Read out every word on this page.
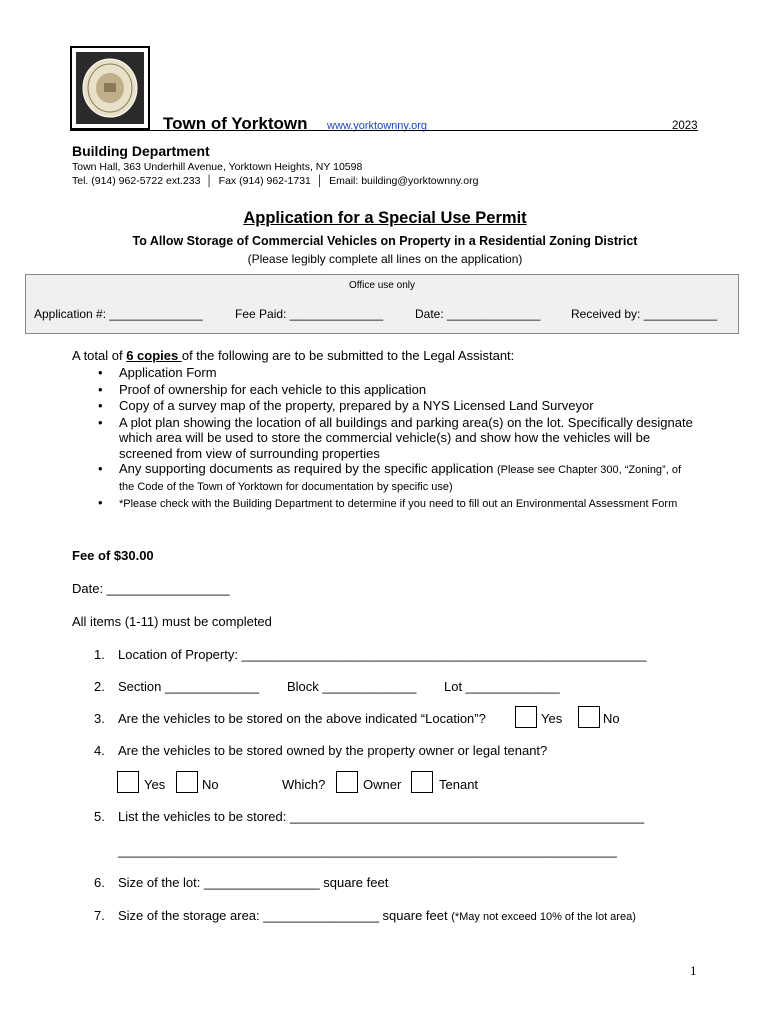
Town of Yorktown www.yorktownny.org	2023
Building Department
Town Hall, 363 Underhill Avenue, Yorktown Heights, NY 10598
Tel. (914) 962-5722 ext.233  │  Fax (914) 962-1731  │  Email: building@yorktownny.org
Application for a Special Use Permit
To Allow Storage of Commercial Vehicles on Property in a Residential Zoning District
(Please legibly complete all lines on the application)
Office use only
Application #: ______________	Fee Paid: ______________	Date: ______________	Received by: ___________
A total of 6 copies of the following are to be submitted to the Legal Assistant:
• Application Form
• Proof of ownership for each vehicle to this application
• Copy of a survey map of the property, prepared by a NYS Licensed Land Surveyor
• A plot plan showing the location of all buildings and parking area(s) on the lot. Specifically designate which area will be used to store the commercial vehicle(s) and show how the vehicles will be screened from view of surrounding properties
• Any supporting documents as required by the specific application (Please see Chapter 300, “Zoning”, of the Code of the Town of Yorktown for documentation by specific use)
• *Please check with the Building Department to determine if you need to fill out an Environmental Assessment Form
Fee of $30.00
Date: _________________
All items (1-11) must be completed
1. Location of Property: ________________________________________________________
2. Section _____________ Block _____________ Lot _____________
3. Are the vehicles to be stored on the above indicated “Location”?	Yes	No
4. Are the vehicles to be stored owned by the property owner or legal tenant?
Yes	No	Which?	Owner	Tenant
5. List the vehicles to be stored: _________________________________________________
_____________________________________________________________________
6. Size of the lot: ________________ square feet
7. Size of the storage area: ________________ square feet (*May not exceed 10% of the lot area)
1
